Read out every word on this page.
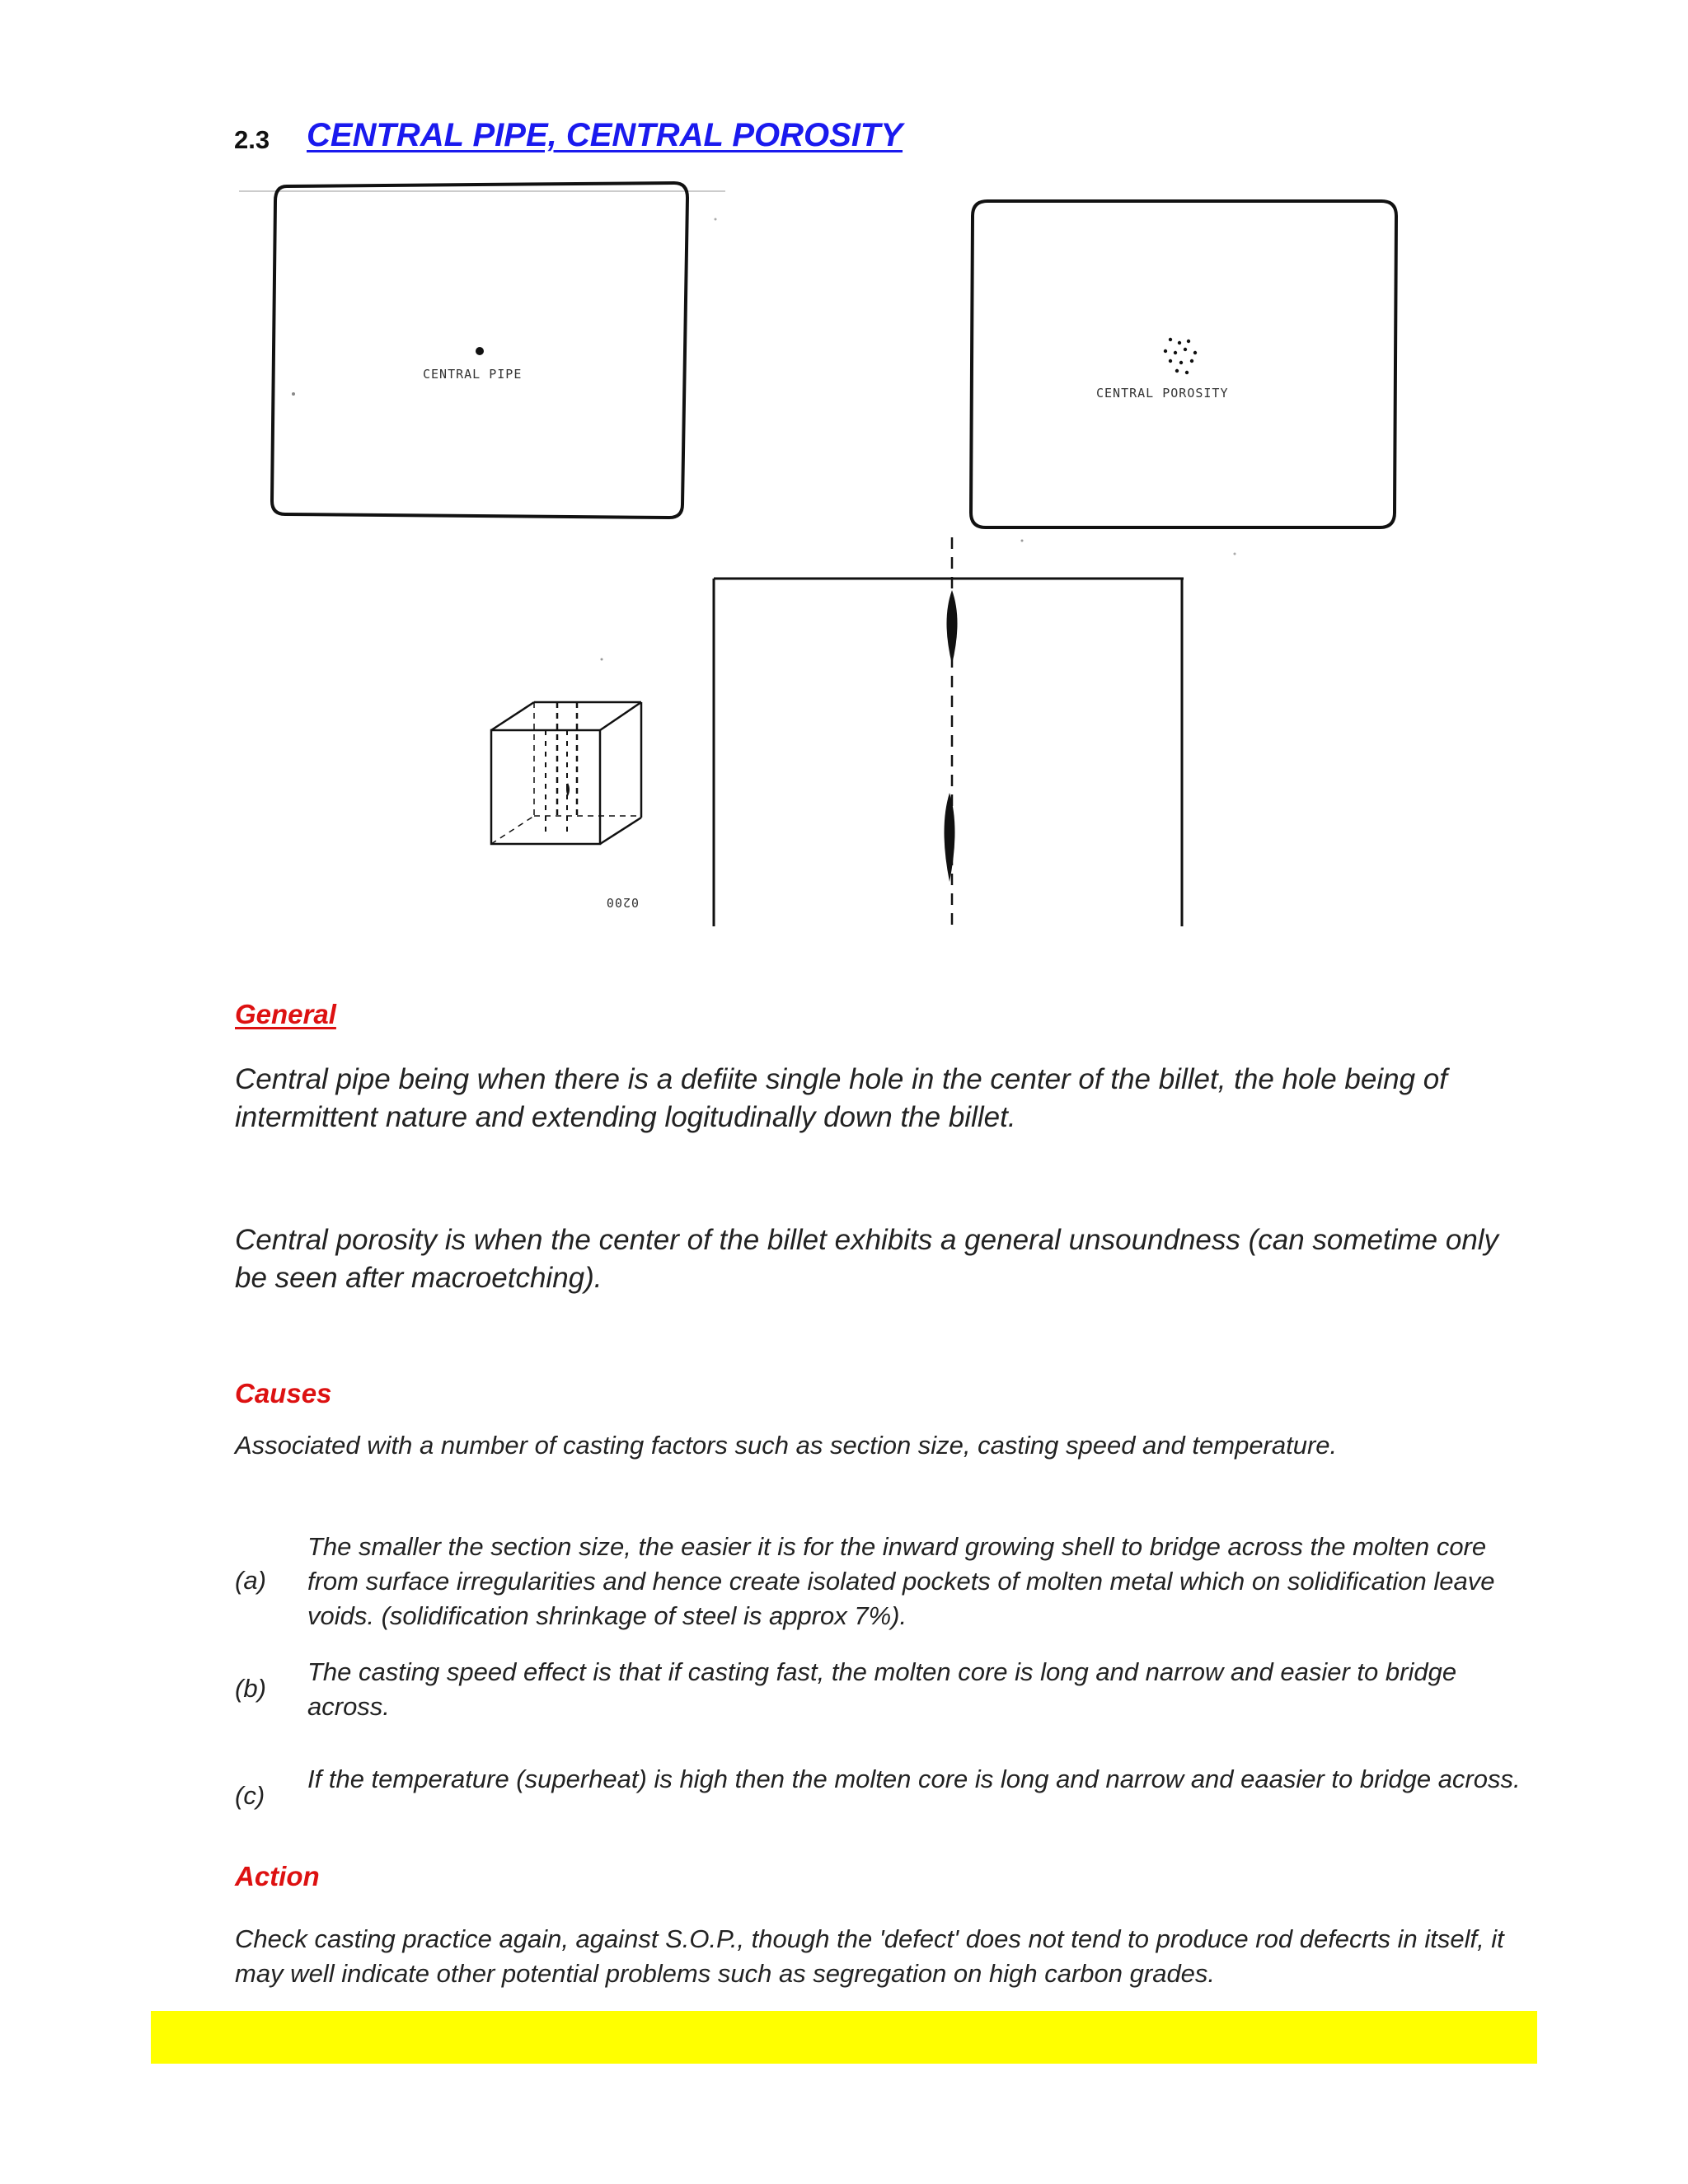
2.3 CENTRAL PIPE, CENTRAL POROSITY
CENTRAL PIPE
CENTRAL POROSITY
0200
General
Central pipe being when there is a defiite single hole in the center of the billet, the hole being of intermittent nature and extending logitudinally down the billet.
Central porosity is when the center of the billet exhibits a general unsoundness (can sometime only be seen after macroetching).
Causes
Associated with a number of casting factors such as section size, casting speed and temperature.
(a)
The smaller the section size, the easier it is for the inward growing shell to bridge across the molten core from surface irregularities and hence create isolated pockets of molten metal which on solidification leave voids. (solidification shrinkage of steel is approx 7%).
(b)
The casting speed effect is that if casting fast, the molten core is long and narrow and easier to bridge across.
(c)
If the temperature (superheat) is high then the molten core is long and narrow and eaasier to bridge across.
Action
Check casting practice again, against S.O.P., though the 'defect' does not tend to produce rod defecrts in itself, it may well indicate other potential problems such as segregation on high carbon grades.
